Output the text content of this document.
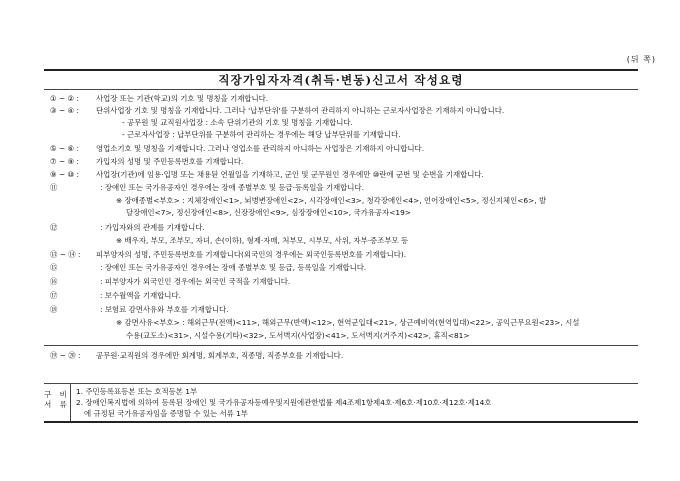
(뒤 쪽)
직장가입자자격(취득·변동)신고서 작성요령
① ~ ② : 사업장 또는 기관(학교)의 기호 및 명칭을 기재합니다.
③ ~ ④ : 단위사업장 기호 및 명칭을 기재합니다. 그러나 '납부단위'를 구분하여 관리하지 아니하는 근로자사업장은 기재하지 아니합니다.
- 공무원 및 교직원사업장 : 소속 단위기관의 기호 및 명칭을 기재합니다.
- 근로자사업장 : 납부단위를 구분하여 관리하는 경우에는 해당 납부단위를 기재합니다.
⑤ ~ ⑥ : 영업소기호 및 명칭을 기재합니다. 그러나 영업소를 관리하지 아니하는 사업장은 기재하지 아니합니다.
⑦ ~ ⑨ : 가입자의 성명 및 주민등록번호를 기재합니다.
⑨ ~ ⑩ : 사업장(기관)에 임용·입명 또는 채용된 연월일을 기재하고, 군인 및 군무원인 경우에만 ⑩란에 군번 및 순번을 기재합니다.
⑪	: 장애인 또는 국가유공자인 경우에는 장애 종별부호 및 등급·등록일을 기재합니다.
※ 장애종별<부호> : 지체장애인<1>, 뇌병변장애인<2>, 시각장애인<3>, 청각장애인<4>, 언어장애인<5>, 정신지체인<6>, 발
달장애인<7>, 정신장애인<8>, 신장장애인<9>, 심장장애인<10>, 국가유공자<19>
⑫	: 가입자와의 관계를 기재합니다.
※ 배우자, 부모, 조부모, 자녀, 손(이하), 형제·자매, 처부모, 시부모, 사위, 자부·증조부모 등
⑬ ~ ⑭ : 피부양자의 성명, 주민등록번호를 기재합니다(외국인의 경우에는 외국인등록번호를 기재합니다).
⑮	: 장애인 또는 국가유공자인 경우에는 장애 종별부호 및 등급, 등록일을 기재합니다.
⑯	: 피부양자가 외국인인 경우에는 외국인 국적을 기재합니다.
⑰	: 보수월액을 기재합니다.
⑱	: 보험료 감면사유와 부호를 기재합니다.
※ 감면사유<부호> : 해외근무(전액)<11>, 해외근무(반액)<12>, 현역군입대<21>, 상근예비역(현역입대)<22>, 공익근무요원<23>, 시설
수용(교도소)<31>, 시설수용(기타)<32>, 도서벽지(사업장)<41>, 도서벽지(거주지)<42>, 휴직<81>
⑲ ~ ⑳ : 공무원·교직원의 경우에만 회계명, 회계부호, 직종명, 직종부호를 기재합니다.
구 비
서 류
1. 주민등록표등본 또는 호적등본 1부
2. 장애인복지법에 의하여 등록된 장애인 및 국가유공자등예우및지원에관한법률 제4조제1항제4호·제6호·제10호·제12호·제14호
에 규정된 국가유공자임을 증명할 수 있는 서류 1부
